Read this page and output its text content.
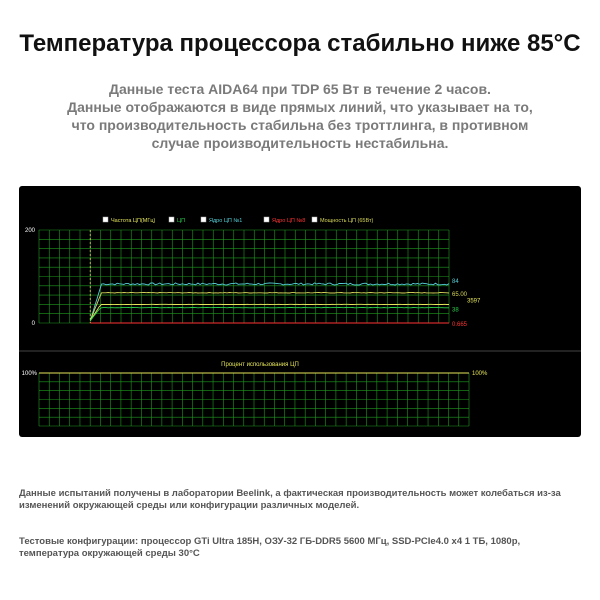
Температура процессора стабильно ниже 85°C
Данные теста AIDA64 при TDP 65 Вт в течение 2 часов.
Данные отображаются в виде прямых линий, что указывает на то,
что производительность стабильна без троттлинга, в противном
случае производительность нестабильна.
Частота ЦП(МГц)	ЦП	Ядро ЦП №1	Ядро ЦП №8	Мощность ЦП (65Вт)
200
0
84
65.00
3597
38
0.665
Процент использования ЦП
100%	100%
Данные испытаний получены в лаборатории Beelink, а фактическая производительность может колебаться из-за изменений окружающей среды или конфигурации различных моделей.
Тестовые конфигурации: процессор GTi Ultra 185H, ОЗУ-32 ГБ-DDR5 5600 МГц, SSD-PCIe4.0 x4 1 ТБ, 1080p, температура окружающей среды 30°C
